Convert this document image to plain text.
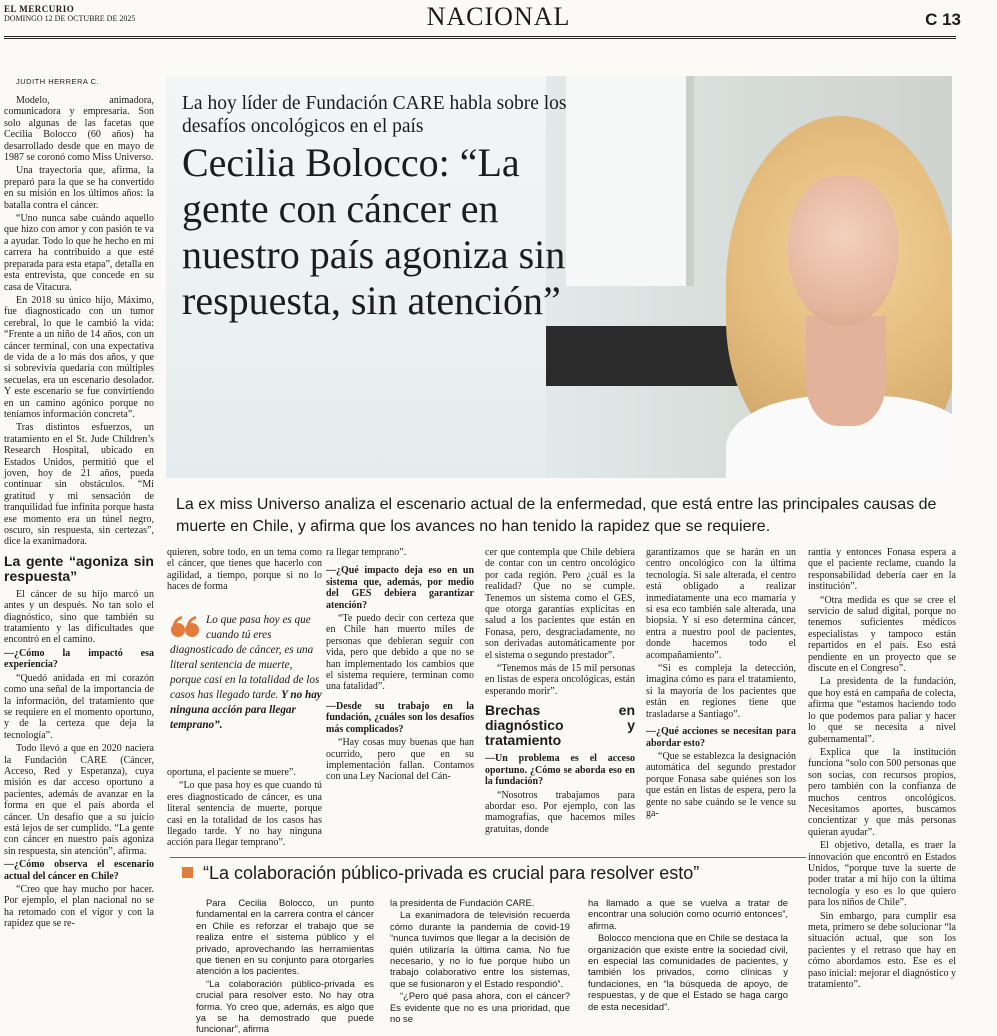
EL MERCURIO
DOMINGO 12 DE OCTUBRE DE 2025	NACIONAL	C 13
JUDITH HERRERA C.
La hoy líder de Fundación CARE habla sobre los desafíos oncológicos en el país
Cecilia Bolocco: “La gente con cáncer en nuestro país agoniza sin respuesta, sin atención”
La ex miss Universo analiza el escenario actual de la enfermedad, que está entre las principales causas de muerte en Chile, y afirma que los avances no han tenido la rapidez que se requiere.

Modelo, animadora, comunicadora y empresaria. Son solo algunas de las facetas que Cecilia Bolocco (60 años) ha desarrollado desde que en mayo de 1987 se coronó como Miss Universo.

Una trayectoria que, afirma, la preparó para la que se ha convertido en su misión en los últimos años: la batalla contra el cáncer.

“Uno nunca sabe cuándo aquello que hizo con amor y con pasión te va a ayudar. Todo lo que he hecho en mi carrera ha contribuido a que esté preparada para esta etapa”, detalla en esta entrevista, que concede en su casa de Vitacura.

En 2018 su único hijo, Máximo, fue diagnosticado con un tumor cerebral, lo que le cambió la vida: “Frente a un niño de 14 años, con un cáncer terminal, con una expectativa de vida de a lo más dos años, y que si sobrevivía quedaría con múltiples secuelas, era un escenario desolador. Y este escenario se fue convirtiendo en un camino agónico porque no teníamos información concreta”.

Tras distintos esfuerzos, un tratamiento en el St. Jude Children’s Research Hospital, ubicado en Estados Unidos, permitió que el joven, hoy de 21 años, pueda continuar sin obstáculos. “Mi gratitud y mi sensación de tranquilidad fue infinita porque hasta ese momento era un túnel negro, oscuro, sin respuesta, sin certezas”, dice la exanimadora.

La gente “agoniza sin respuesta”

El cáncer de su hijo marcó un antes y un después. No tan solo el diagnóstico, sino que también su tratamiento y las dificultades que encontró en el camino.

—¿Cómo la impactó esa experiencia?

“Quedó anidada en mi corazón como una señal de la importancia de la información, del tratamiento que se requiere en el momento oportuno, y de la certeza que deja la tecnología”.

Todo llevó a que en 2020 naciera la Fundación CARE (Cáncer, Acceso, Red y Esperanza), cuya misión es dar acceso oportuno a pacientes, además de avanzar en la forma en que el país aborda el cáncer. Un desafío que a su juicio está lejos de ser cumplido. “La gente con cáncer en nuestro país agoniza sin respuesta, sin atención”, afirma.

—¿Cómo observa el escenario actual del cáncer en Chile?

“Creo que hay mucho por hacer. Por ejemplo, el plan nacional no se ha retomado con el vigor y con la rapidez que se re-

quieren, sobre todo, en un tema como el cáncer, que tienes que hacerlo con agilidad, a tiempo, porque si no lo haces de forma

Lo que pasa hoy es que cuando tú eres diagnosticado de cáncer, es una literal sentencia de muerte, porque casi en la totalidad de los casos has llegado tarde. Y no hay ninguna acción para llegar temprano”.

oportuna, el paciente se muere”.

“Lo que pasa hoy es que cuando tú eres diagnosticado de cáncer, es una literal sentencia de muerte, porque casi en la totalidad de los casos has llegado tarde. Y no hay ninguna acción para llegar temprano”.

ra llegar temprano”.

—¿Qué impacto deja eso en un sistema que, además, por medio del GES debiera garantizar atención?

“Te puedo decir con certeza que en Chile han muerto miles de personas que debieran seguir con vida, pero que debido a que no se han implementado los cambios que el sistema requiere, terminan como una fatalidad”.

—Desde su trabajo en la fundación, ¿cuáles son los desafíos más complicados?

“Hay cosas muy buenas que han ocurrido, pero que en su implementación fallan. Contamos con una Ley Nacional del Cán-

cer que contempla que Chile debiera de contar con un centro oncológico por cada región. Pero ¿cuál es la realidad? Que no se cumple. Tenemos un sistema como el GES, que otorga garantías explícitas en salud a los pacientes que están en Fonasa, pero, desgraciadamente, no son derivadas automáticamente por el sistema o segundo prestador”.

“Tenemos más de 15 mil personas en listas de espera oncológicas, están esperando morir”.

Brechas en diagnóstico y tratamiento

—Un problema es el acceso oportuno. ¿Cómo se aborda eso en la fundación?

“Nosotros trabajamos para abordar eso. Por ejemplo, con las mamografías, que hacemos miles gratuitas, donde

garantizamos que se harán en un centro oncológico con la última tecnología. Si sale alterada, el centro está obligado a realizar inmediatamente una eco mamaria y si esa eco también sale alterada, una biopsia. Y si eso determina cáncer, entra a nuestro pool de pacientes, donde hacemos todo el acompañamiento”.

“Si es compleja la detección, imagina cómo es para el tratamiento, si la mayoría de los pacientes que están en regiones tiene que trasladarse a Santiago”.

—¿Qué acciones se necesitan para abordar esto?

“Que se establezca la designación automática del segundo prestador porque Fonasa sabe quiénes son los que están en listas de espera, pero la gente no sabe cuándo se le vence su ga-

rantía y entonces Fonasa espera a que el paciente reclame, cuando la responsabilidad debería caer en la institución”.

“Otra medida es que se cree el servicio de salud digital, porque no tenemos suficientes médicos especialistas y tampoco están repartidos en el país. Eso está pendiente en un proyecto que se discute en el Congreso”.

La presidenta de la fundación, que hoy está en campaña de colecta, afirma que “estamos haciendo todo lo que podemos para paliar y hacer lo que se necesita a nivel gubernamental”.

Explica que la institución funciona “solo con 500 personas que son socias, con recursos propios, pero también con la confianza de muchos centros oncológicos. Necesitamos aportes, buscamos concientizar y que más personas quieran ayudar”.

El objetivo, detalla, es traer la innovación que encontró en Estados Unidos, “porque tuve la suerte de poder tratar a mi hijo con la última tecnología y eso es lo que quiero para los niños de Chile”.

Sin embargo, para cumplir esa meta, primero se debe solucionar “la situación actual, que son los pacientes y el retraso que hay en cómo abordamos esto. Ese es el paso inicial: mejorar el diagnóstico y tratamiento”.

“La colaboración público-privada es crucial para resolver esto”

Para Cecilia Bolocco, un punto fundamental en la carrera contra el cáncer en Chile es reforzar el trabajo que se realiza entre el sistema público y el privado, aprovechando las herramientas que tienen en su conjunto para otorgarles atención a los pacientes.

“La colaboración público-privada es crucial para resolver esto. No hay otra forma. Yo creo que, además, es algo que ya se ha demostrado que puede funcionar”, afirma

la presidenta de Fundación CARE.

La exanimadora de televisión recuerda cómo durante la pandemia de covid-19 “nunca tuvimos que llegar a la decisión de quién utilizaría la última cama. No fue necesario, y no lo fue porque hubo un trabajo colaborativo entre los sistemas, que se fusionaron y el Estado respondió”.

“¿Pero qué pasa ahora, con el cáncer? Es evidente que no es una prioridad, que no se

ha llamado a que se vuelva a tratar de encontrar una solución como ocurrió entonces”, afirma.

Bolocco menciona que en Chile se destaca la organización que existe entre la sociedad civil, en especial las comunidades de pacientes, y también los privados, como clínicas y fundaciones, en “la búsqueda de apoyo, de respuestas, y de que el Estado se haga cargo de esta necesidad”.
